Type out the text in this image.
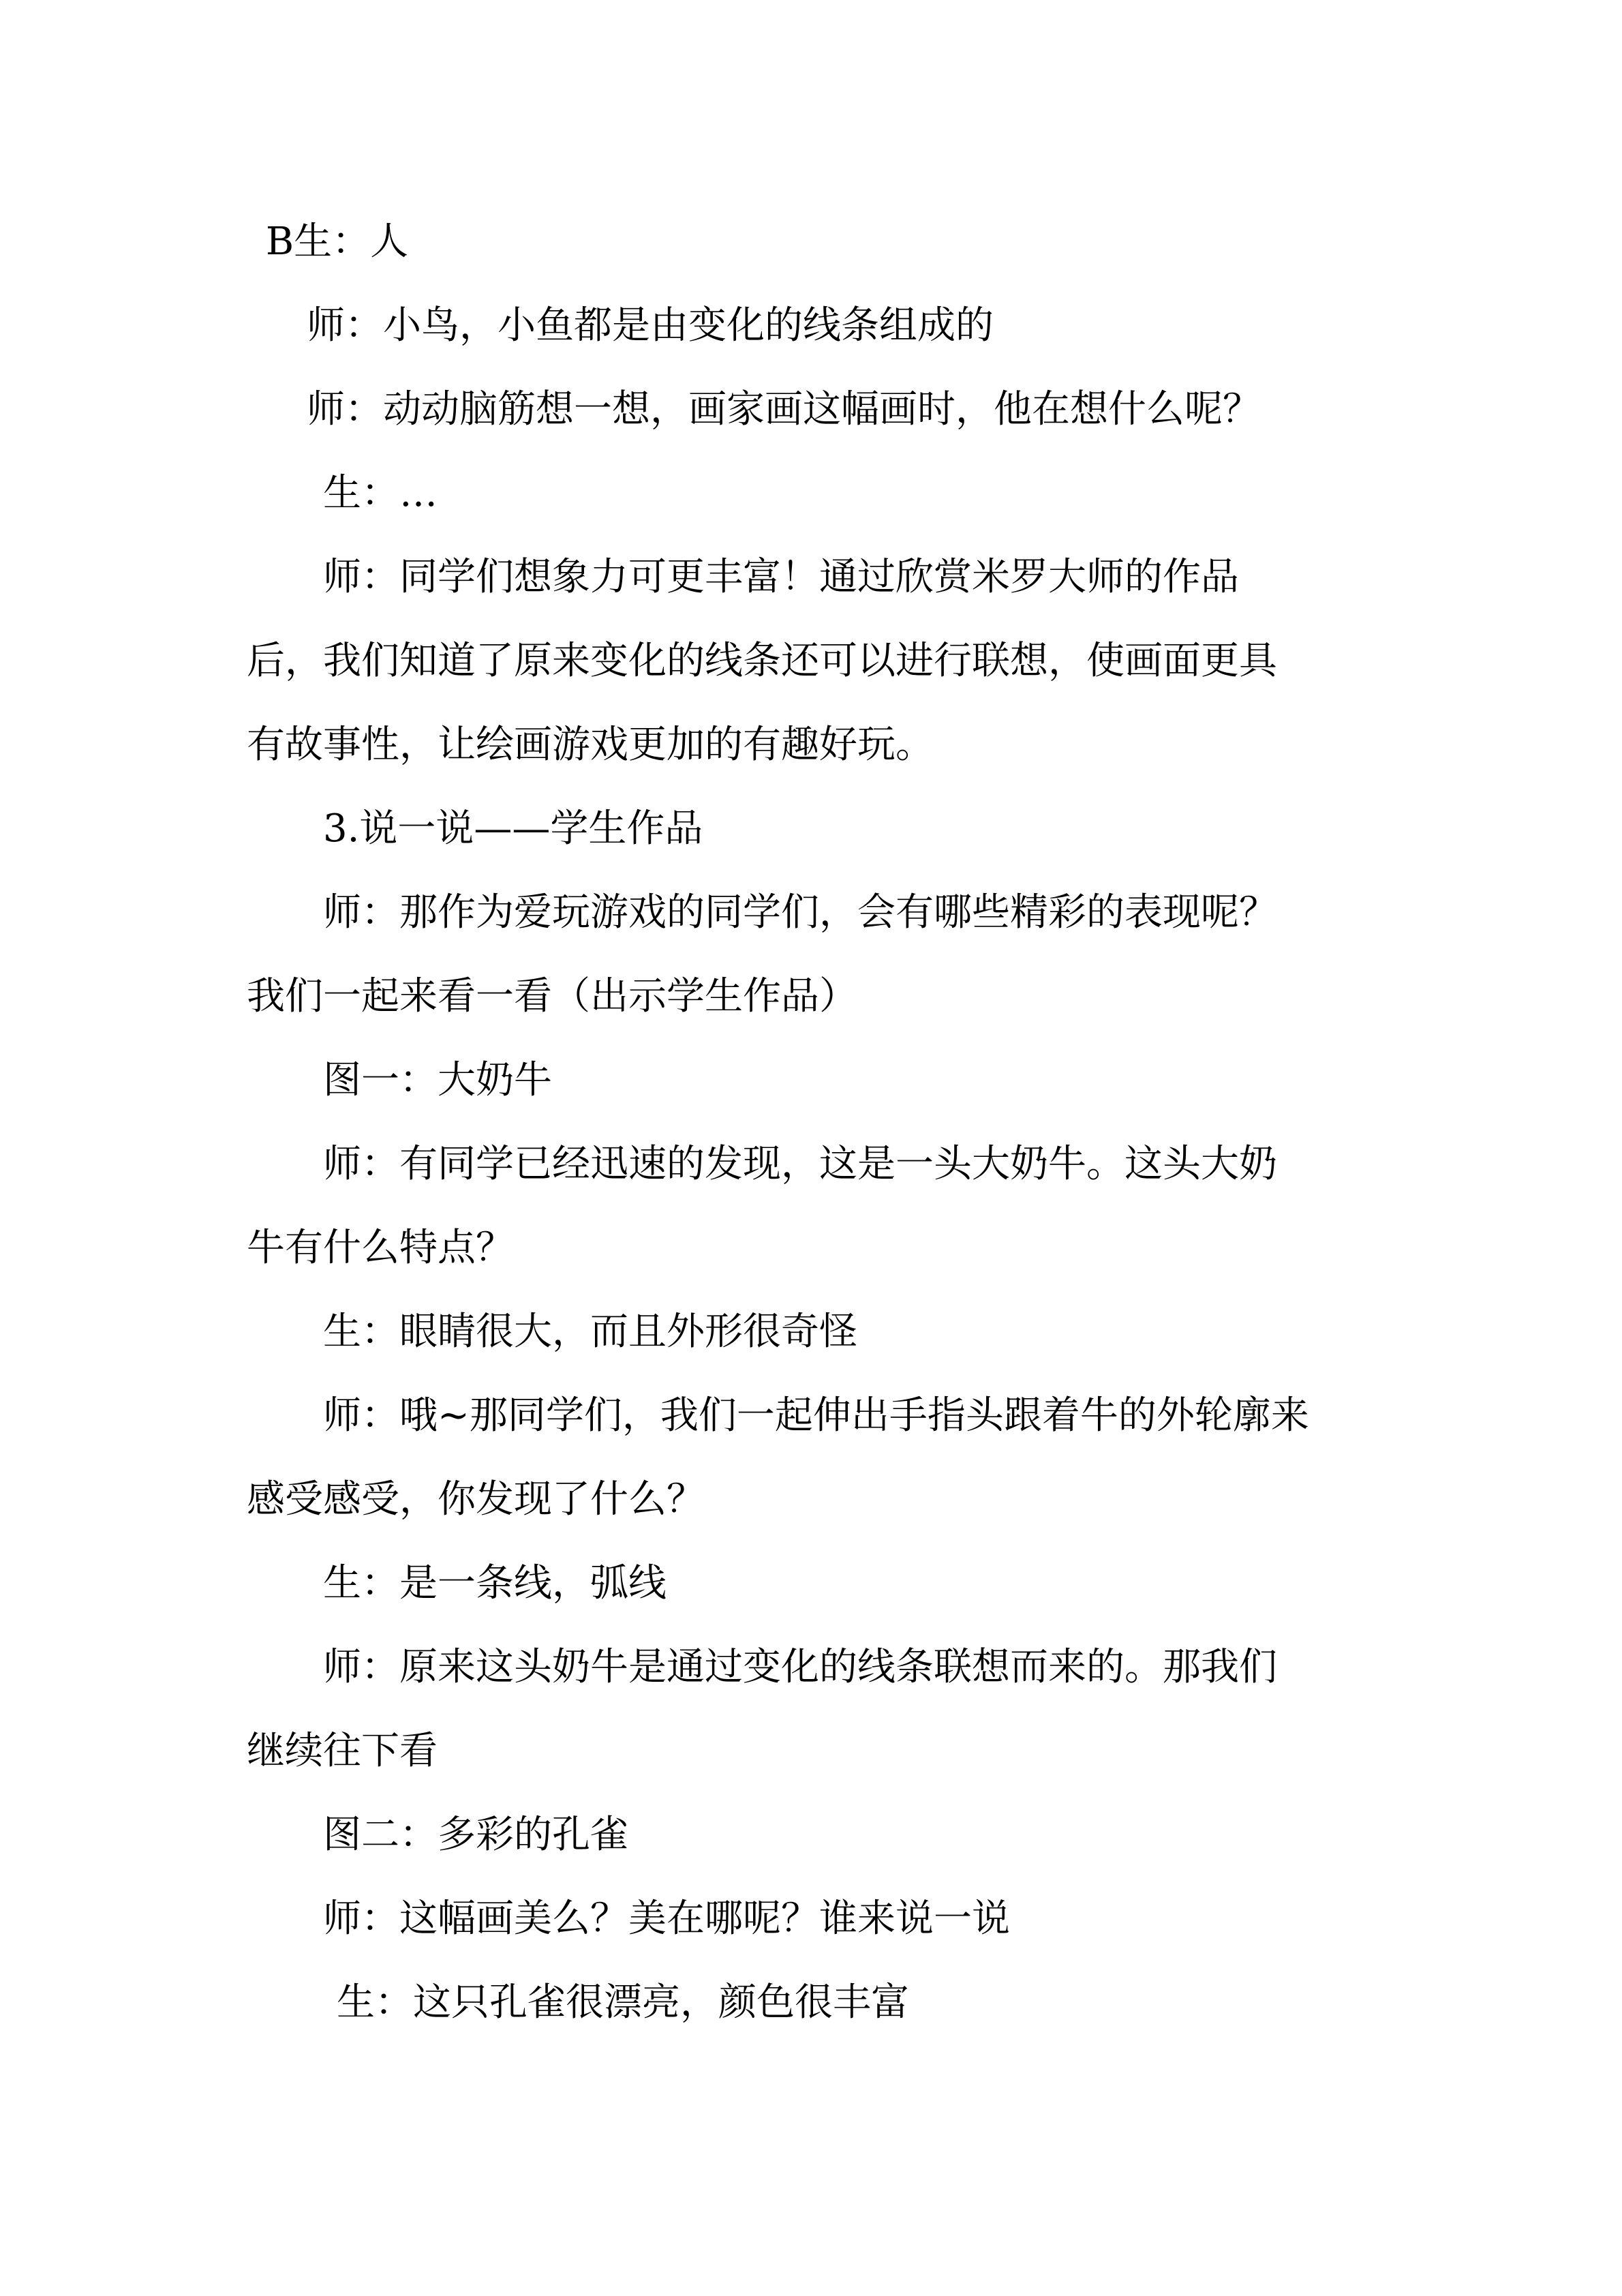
B生：人

师：小鸟，小鱼都是由变化的线条组成的

师：动动脑筋想一想，画家画这幅画时，他在想什么呢？

生：…

师：同学们想象力可更丰富！通过欣赏米罗大师的作品

后，我们知道了原来变化的线条还可以进行联想，使画面更具

有故事性，让绘画游戏更加的有趣好玩。

3.说一说——学生作品

师：那作为爱玩游戏的同学们，会有哪些精彩的表现呢？

我们一起来看一看（出示学生作品）

图一：大奶牛

师：有同学已经迅速的发现，这是一头大奶牛。这头大奶

牛有什么特点？

生：眼睛很大，而且外形很奇怪

师：哦~那同学们，我们一起伸出手指头跟着牛的外轮廓来

感受感受，你发现了什么？

生：是一条线，弧线

师：原来这头奶牛是通过变化的线条联想而来的。那我们

继续往下看

图二：多彩的孔雀

师：这幅画美么？美在哪呢？谁来说一说

生：这只孔雀很漂亮，颜色很丰富
